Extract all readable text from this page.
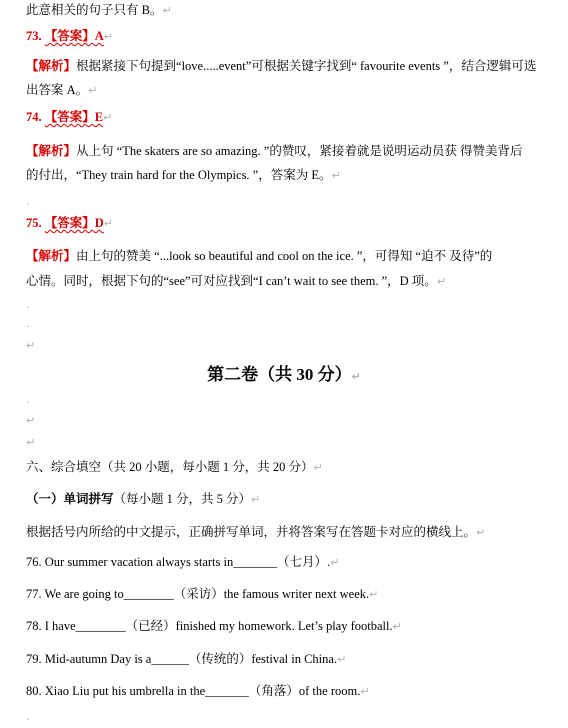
此意相关的句子只有 B。↵
73. 【答案】A↵
【解析】根据紧接下句提到“love.....event”可根据关键字找到“ favourite events ”，结合逻辑可选
出答案 A。↵
74. 【答案】E↵
【解析】从上句 “The skaters are so amazing. ”的赞叹，紧接着就是说明运动员获 得赞美背后
的付出，“They train hard for the Olympics. ”，答案为 E。↵
·
75. 【答案】D↵
【解析】由上句的赞美 “...look so beautiful and cool on the ice. ”，可得知 “迫不 及待”的
心情。同时，根据下句的“see”可对应找到“I can’t wait to see them. ”，D 项。↵
·
·
↵
第二卷（共 30 分）↵
·
↵
↵
六、综合填空（共 20 小题，每小题 1 分，共 20 分）↵
（一）单词拼写（每小题 1 分，共 5 分）↵
根据括号内所给的中文提示，正确拼写单词，并将答案写在答题卡对应的横线上。↵
76. Our summer vacation always starts in_______（七月）.↵
77. We are going to________（采访）the famous writer next week.↵
78. I have________（已经）finished my homework. Let’s play football.↵
79. Mid-autumn Day is a______（传统的）festival in China.↵
80. Xiao Liu put his umbrella in the_______（角落）of the room.↵
·
